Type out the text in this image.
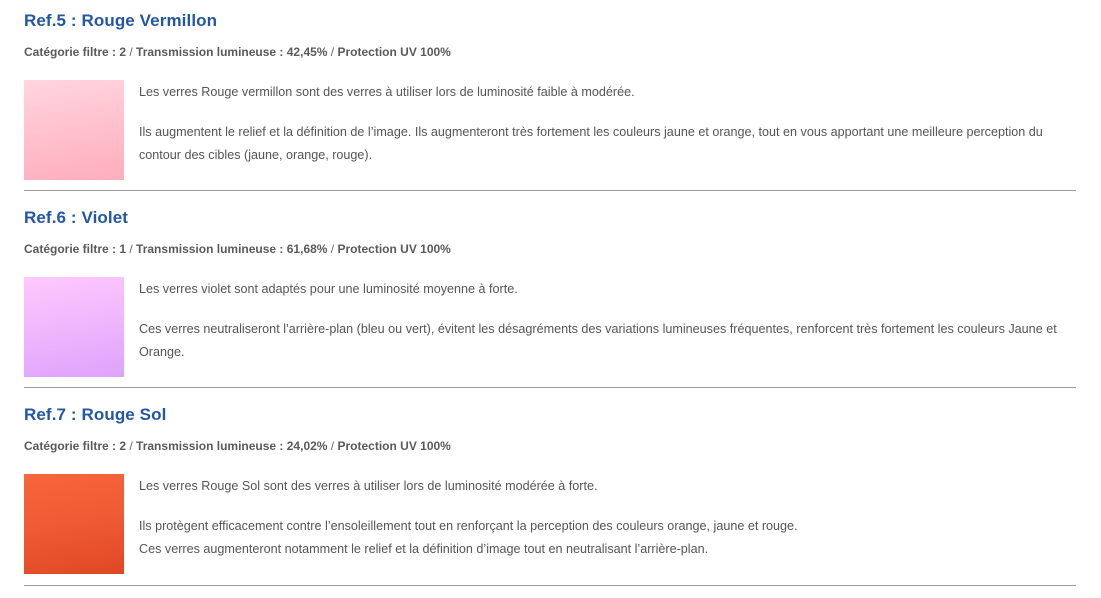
Ref.5 : Rouge Vermillon
Catégorie filtre : 2 / Transmission lumineuse : 42,45% / Protection UV 100%

Les verres Rouge vermillon sont des verres à utiliser lors de luminosité faible à modérée.

Ils augmentent le relief et la définition de l’image. Ils augmenteront très fortement les couleurs jaune et orange, tout en vous apportant une meilleure perception du contour des cibles (jaune, orange, rouge).

Ref.6 : Violet
Catégorie filtre : 1 / Transmission lumineuse : 61,68% / Protection UV 100%

Les verres violet sont adaptés pour une luminosité moyenne à forte.

Ces verres neutraliseront l’arrière-plan (bleu ou vert), évitent les désagréments des variations lumineuses fréquentes, renforcent très fortement les couleurs Jaune et Orange.

Ref.7 : Rouge Sol
Catégorie filtre : 2 / Transmission lumineuse : 24,02% / Protection UV 100%

Les verres Rouge Sol sont des verres à utiliser lors de luminosité modérée à forte.

Ils protègent efficacement contre l’ensoleillement tout en renforçant la perception des couleurs orange, jaune et rouge.

Ces verres augmenteront notamment le relief et la définition d’image tout en neutralisant l’arrière-plan.
